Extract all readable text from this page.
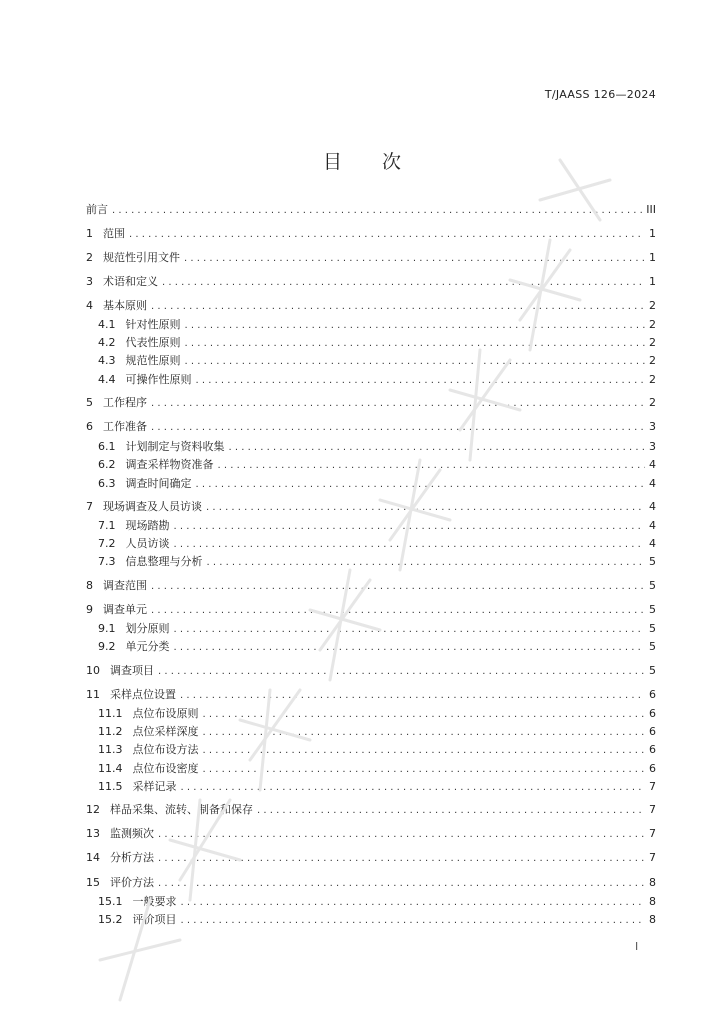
T/JAASS 126—2024
目次
前言 . . .	III
1 范围 . . .	1
2 规范性引用文件 . . .	1
3 术语和定义 . . .	1
4 基本原则 . . .	2
4.1 针对性原则 . . .	2
4.2 代表性原则 . . .	2
4.3 规范性原则 . . .	2
4.4 可操作性原则 . . .	2
5 工作程序 . . .	2
6 工作准备 . . .	3
6.1 计划制定与资料收集 . . .	3
6.2 调查采样物资准备 . . .	4
6.3 调查时间确定 . . .	4
7 现场调查及人员访谈 . . .	4
7.1 现场踏勘 . . .	4
7.2 人员访谈 . . .	4
7.3 信息整理与分析 . . .	5
8 调查范围 . . .	5
9 调查单元 . . .	5
9.1 划分原则 . . .	5
9.2 单元分类 . . .	5
10 调查项目 . . .	5
11 采样点位设置 . . .	6
11.1 点位布设原则 . . .	6
11.2 点位采样深度 . . .	6
11.3 点位布设方法 . . .	6
11.4 点位布设密度 . . .	6
11.5 采样记录 . . .	7
12 样品采集、流转、制备和保存 . . .	7
13 监测频次 . . .	7
14 分析方法 . . .	7
15 评价方法 . . .	8
15.1 一般要求 . . .	8
15.2 评价项目 . . .	8
I
